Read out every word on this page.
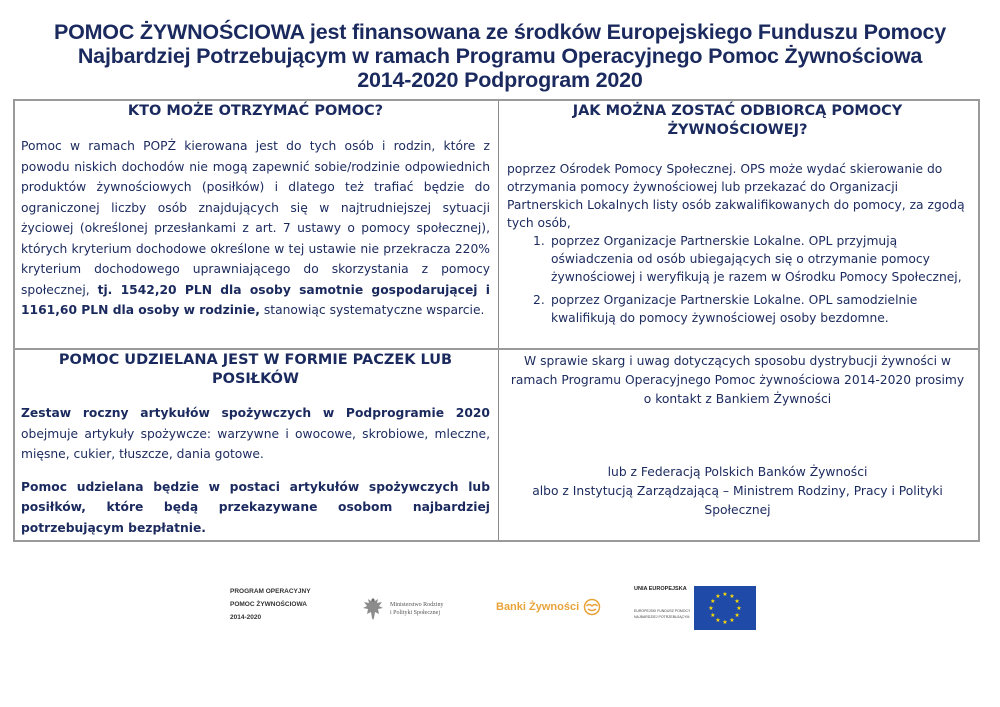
POMOC ŻYWNOŚCIOWA jest finansowana ze środków Europejskiego Funduszu Pomocy
Najbardziej Potrzebującym w ramach Programu Operacyjnego Pomoc Żywnościowa
2014-2020 Podprogram 2020
KTO MOŻE OTRZYMAĆ POMOC?
Pomoc w ramach POPŻ kierowana jest do tych osób i rodzin, które z powodu niskich dochodów nie mogą zapewnić sobie/rodzinie odpowiednich produktów żywnościowych (posiłków) i dlatego też trafiać będzie do ograniczonej liczby osób znajdujących się w najtrudniejszej sytuacji życiowej (określonej przesłankami z art. 7 ustawy o pomocy społecznej), których kryterium dochodowe określone w tej ustawie nie przekracza 220% kryterium dochodowego uprawniającego do skorzystania z pomocy społecznej, tj. 1542,20 PLN dla osoby samotnie gospodarującej i 1161,60 PLN dla osoby w rodzinie, stanowiąc systematyczne wsparcie.
JAK MOŻNA ZOSTAĆ ODBIORCĄ POMOCY
ŻYWNOŚCIOWEJ?
poprzez Ośrodek Pomocy Społecznej. OPS może wydać skierowanie do otrzymania pomocy żywnościowej lub przekazać do Organizacji Partnerskich Lokalnych listy osób zakwalifikowanych do pomocy, za zgodą tych osób,
1. poprzez Organizacje Partnerskie Lokalne. OPL przyjmują oświadczenia od osób ubiegających się o otrzymanie pomocy żywnościowej i weryfikują je razem w Ośrodku Pomocy Społecznej,
2. poprzez Organizacje Partnerskie Lokalne. OPL samodzielnie kwalifikują do pomocy żywnościowej osoby bezdomne.
POMOC UDZIELANA JEST W FORMIE PACZEK LUB
POSIŁKÓW
Zestaw roczny artykułów spożywczych w Podprogramie 2020 obejmuje artykuły spożywcze: warzywne i owocowe, skrobiowe, mleczne, mięsne, cukier, tłuszcze, dania gotowe.
Pomoc udzielana będzie w postaci artykułów spożywczych lub posiłków, które będą przekazywane osobom najbardziej potrzebującym bezpłatnie.
W sprawie skarg i uwag dotyczących sposobu dystrybucji żywności w ramach Programu Operacyjnego Pomoc żywnościowa 2014-2020 prosimy o kontakt z Bankiem Żywności
lub z Federacją Polskich Banków Żywności
albo z Instytucją Zarządzającą – Ministrem Rodziny, Pracy i Polityki
Społecznej
PROGRAM OPERACYJNY
POMOC ŻYWNOŚCIOWA
2014-2020
Ministerstwo Rodziny
i Polityki Społecznej	Banki Żywności
UNIA EUROPEJSKA
EUROPEJSKI FUNDUSZ POMOCY
NAJBARDZIEJ POTRZEBUJĄCYM
★ ★
★
★
★
★
★
★
★
★
★
★
